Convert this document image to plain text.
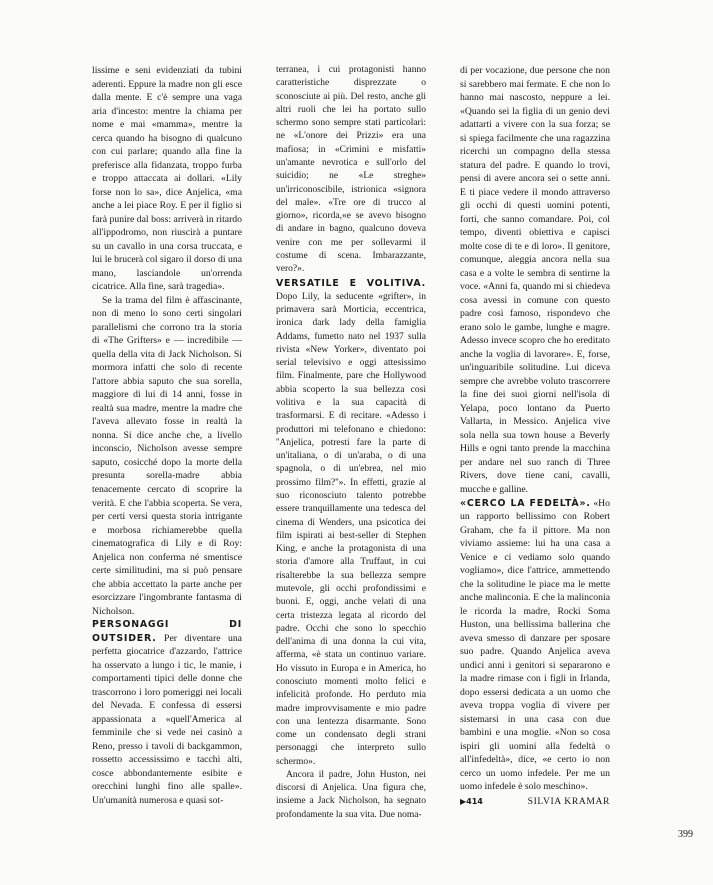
lissime e seni evidenziati da tubini aderenti. Eppure la madre non gli esce dalla mente. E c'è sempre una vaga aria d'incesto: mentre la chiama per nome e mai «mamma», mentre la cerca quando ha bisogno di qualcuno con cui parlare; quando alla fine la preferisce alla fidanzata, troppo furba e troppo attaccata ai dollari. «Lily forse non lo sa», dice Anjelica, «ma anche a lei piace Roy. E per il figlio si farà punire dal boss: arriverà in ritardo all'ippodromo, non riuscirà a puntare su un cavallo in una corsa truccata, e lui le brucerà col sigaro il dorso di una mano, lasciandole un'orrenda cicatrice. Alla fine, sarà tragedia».

Se la trama del film è affascinante, non di meno lo sono certi singolari parallelismi che corrono tra la storia di «The Grifters» e — incredibile — quella della vita di Jack Nicholson. Si mormora infatti che solo di recente l'attore abbia saputo che sua sorella, maggiore di lui di 14 anni, fosse in realtà sua madre, mentre la madre che l'aveva allevato fosse in realtà la nonna. Si dice anche che, a livello inconscio, Nicholson avesse sempre saputo, cosicché dopo la morte della presunta sorella-madre abbia tenacemente cercato di scoprire la verità. E che l'abbia scoperta. Se vera, per certi versi questa storia intrigante e morbosa richiamerebbe quella cinematografica di Lily e di Roy: Anjelica non conferma né smentisce certe similitudini, ma si può pensare che abbia accettato la parte anche per esorcizzare l'ingombrante fantasma di Nicholson.

PERSONAGGI DI OUTSIDER. Per diventare una perfetta giocatrice d'azzardo, l'attrice ha osservato a lungo i tic, le manie, i comportamenti tipici delle donne che trascorrono i loro pomeriggi nei locali del Nevada. E confessa di essersi appassionata a «quell'America al femminile che si vede nei casinò a Reno, presso i tavoli di backgammon, rossetto accessissimo e tacchi alti, cosce abbondantemente esibite e orecchini lunghi fino alle spalle». Un'umanità numerosa e quasi sot-

terranea, i cui protagonisti hanno caratteristiche disprezzate o sconosciute ai più. Del resto, anche gli altri ruoli che lei ha portato sullo schermo sono sempre stati particolari: ne «L'onore dei Prizzi» era una mafiosa; in «Crimini e misfatti» un'amante nevrotica e sull'orlo del suicidio; ne «Le streghe» un'irriconoscibile, istrionica «signora del male». «Tre ore di trucco al giorno», ricorda,«e se avevo bisogno di andare in bagno, qualcuno doveva venire con me per sollevarmi il costume di scena. Imbarazzante, vero?».

VERSATILE E VOLITIVA. Dopo Lily, la seducente «grifter», in primavera sarà Morticia, eccentrica, ironica dark lady della famiglia Addams, fumetto nato nel 1937 sulla rivista «New Yorker», diventato poi serial televisivo e oggi attesissimo film. Finalmente, pare che Hollywood abbia scoperto la sua bellezza così volitiva e la sua capacità di trasformarsi. E di recitare. «Adesso i produttori mi telefonano e chiedono: ''Anjelica, potresti fare la parte di un'italiana, o di un'araba, o di una spagnola, o di un'ebrea, nel mio prossimo film?''». In effetti, grazie al suo riconosciuto talento potrebbe essere tranquillamente una tedesca del cinema di Wenders, una psicotica dei film ispirati ai best-seller di Stephen King, e anche la protagonista di una storia d'amore alla Truffaut, in cui risalterebbe la sua bellezza sempre mutevole, gli occhi profondissimi e buoni. E, oggi, anche velati di una certa tristezza legata al ricordo del padre. Occhi che sono lo specchio dell'anima di una donna la cui vita, afferma, «è stata un continuo variare. Ho vissuto in Europa e in America, ho conosciuto momenti molto felici e infelicità profonde. Ho perduto mia madre improvvisamente e mio padre con una lentezza disarmante. Sono come un condensato degli strani personaggi che interpreto sullo schermo».

Ancora il padre, John Huston, nei discorsi di Anjelica. Una figura che, insieme a Jack Nicholson, ha segnato profondamente la sua vita. Due noma-

di per vocazione, due persone che non si sarebbero mai fermate. E che non lo hanno mai nascosto, neppure a lei. «Quando sei la figlia di un genio devi adattarti a vivere con la sua forza; se si spiega facilmente che una ragazzina ricerchi un compagno della stessa statura del padre. E quando lo trovi, pensi di avere ancora sei o sette anni. E ti piace vedere il mondo attraverso gli occhi di questi uomini potenti, forti, che sanno comandare. Poi, col tempo, diventi obiettiva e capisci molte cose di te e di loro». Il genitore, comunque, aleggia ancora nella sua casa e a volte le sembra di sentirne la voce. «Anni fa, quando mi si chiedeva cosa avessi in comune con questo padre così famoso, rispondevo che erano solo le gambe, lunghe e magre. Adesso invece scopro che ho ereditato anche la voglia di lavorare». E, forse, un'inguaribile solitudine. Lui diceva sempre che avrebbe voluto trascorrere la fine dei suoi giorni nell'isola di Yelapa, poco lontano da Puerto Vallarta, in Messico. Anjelica vive sola nella sua town house a Beverly Hills e ogni tanto prende la macchina per andare nel suo ranch di Three Rivers, dove tiene cani, cavalli, mucche e galline.

«CERCO LA FEDELTÀ». «Ho un rapporto bellissimo con Robert Graham, che fa il pittore. Ma non viviamo assieme: lui ha una casa a Venice e ci vediamo solo quando vogliamo», dice l'attrice, ammettendo che la solitudine le piace ma le mette anche malinconia. E che la malinconia le ricorda la madre, Rocki Soma Huston, una bellissima ballerina che aveva smesso di danzare per sposare suo padre. Quando Anjelica aveva undici anni i genitori si separarono e la madre rimase con i figli in Irlanda, dopo essersi dedicata a un uomo che aveva troppa voglia di vivere per sistemarsi in una casa con due bambini e una moglie. «Non so cosa ispiri gli uomini alla fedeltà o all'infedeltà», dice, «e certo io non cerco un uomo infedele. Per me un uomo infedele è solo meschino».

▶414	SILVIA KRAMAR
399
